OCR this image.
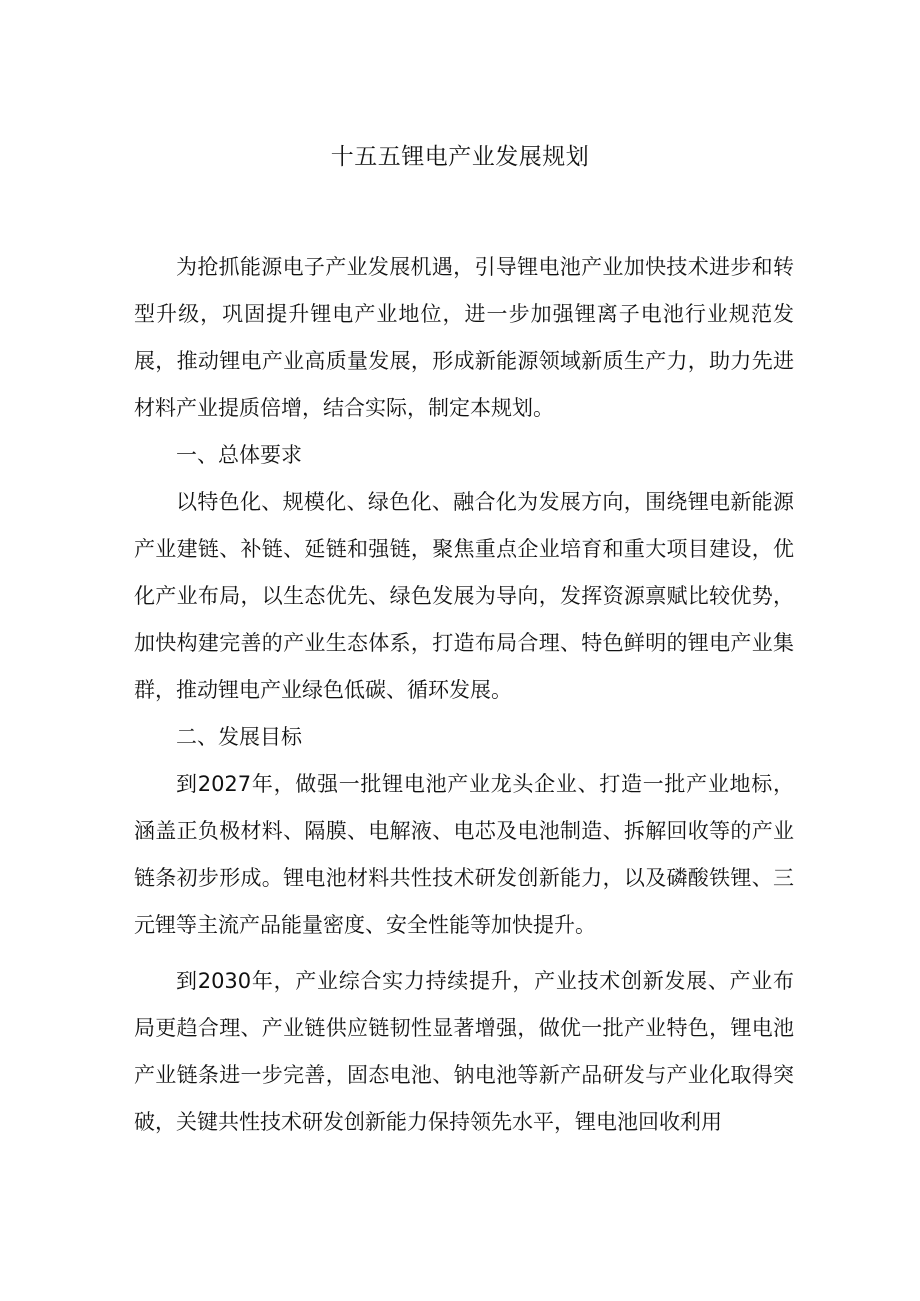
十五五锂电产业发展规划

为抢抓能源电子产业发展机遇，引导锂电池产业加快技术进步和转型升级，巩固提升锂电产业地位，进一步加强锂离子电池行业规范发展，推动锂电产业高质量发展，形成新能源领域新质生产力，助力先进材料产业提质倍增，结合实际，制定本规划。

一、总体要求

以特色化、规模化、绿色化、融合化为发展方向，围绕锂电新能源产业建链、补链、延链和强链，聚焦重点企业培育和重大项目建设，优化产业布局，以生态优先、绿色发展为导向，发挥资源禀赋比较优势，加快构建完善的产业生态体系，打造布局合理、特色鲜明的锂电产业集群，推动锂电产业绿色低碳、循环发展。

二、发展目标

到2027年，做强一批锂电池产业龙头企业、打造一批产业地标，涵盖正负极材料、隔膜、电解液、电芯及电池制造、拆解回收等的产业链条初步形成。锂电池材料共性技术研发创新能力，以及磷酸铁锂、三元锂等主流产品能量密度、安全性能等加快提升。

到2030年，产业综合实力持续提升，产业技术创新发展、产业布局更趋合理、产业链供应链韧性显著增强，做优一批产业特色，锂电池产业链条进一步完善，固态电池、钠电池等新产品研发与产业化取得突破，关键共性技术研发创新能力保持领先水平，锂电池回收利用
